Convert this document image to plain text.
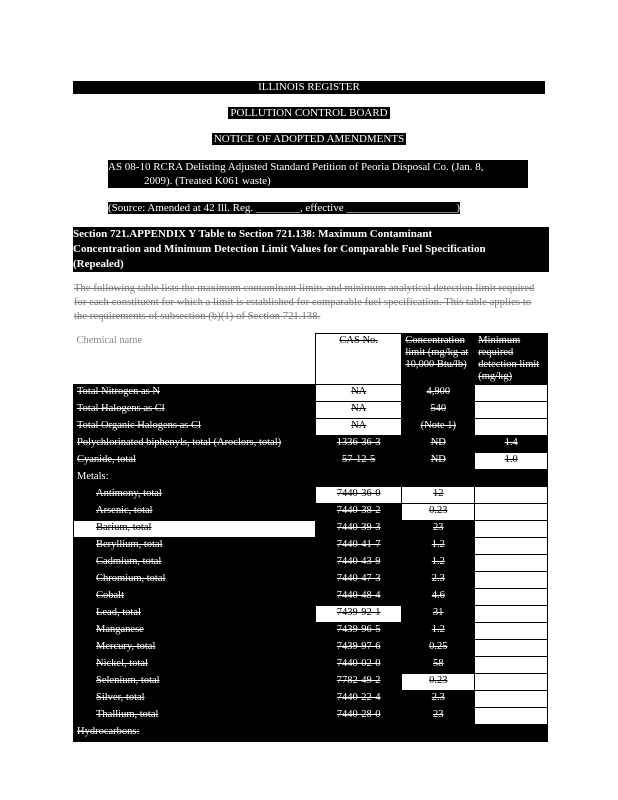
ILLINOIS REGISTER
POLLUTION CONTROL BOARD
NOTICE OF ADOPTED AMENDMENTS
AS 08-10 RCRA Delisting Adjusted Standard Petition of Peoria Disposal Co. (Jan. 8,
2009). (Treated K061 waste)
(Source: Amended at 42 Ill. Reg. ________, effective ____________________)
Section 721.APPENDIX Y Table to Section 721.138: Maximum Contaminant
Concentration and Minimum Detection Limit Values for Comparable Fuel Specification
(Repealed)
The following table lists the maximum contaminant limits and minimum analytical detection limit required for each constituent for which a limit is established for comparable fuel specification. This table applies to the requirements of subsection (b)(1) of Section 721.138.
Chemical name	CAS No.	Concentration limit (mg/kg at 10,000 Btu/lb)	Minimum required detection limit (mg/kg)
Total Nitrogen as N	NA	4,900	
Total Halogens as Cl	NA	540	
Total Organic Halogens as Cl	NA	(Note 1)	
Polychlorinated biphenyls, total (Aroclors, total)	1336-36-3	ND	1.4
Cyanide, total	57-12-5	ND	1.0
Metals:			
Antimony, total	7440-36-0	12	
Arsenic, total	7440-38-2	0.23	
Barium, total	7440-39-3	23	
Beryllium, total	7440-41-7	1.2	
Cadmium, total	7440-43-9	1.2	
Chromium, total	7440-47-3	2.3	
Cobalt	7440-48-4	4.6	
Lead, total	7439-92-1	31	
Manganese	7439-96-5	1.2	
Mercury, total	7439-97-6	0.25	
Nickel, total	7440-02-0	58	
Selenium, total	7782-49-2	0.23	
Silver, total	7440-22-4	2.3	
Thallium, total	7440-28-0	23	
Hydrocarbons:			
